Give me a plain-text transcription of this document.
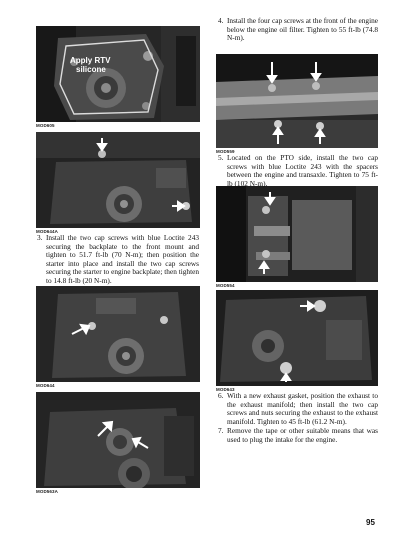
Apply RTV
silicone
MOD605
MOD559
MOD644A
MOD554
MOD644
MOD643
MOD563A
4. Install the four cap screws at the front of the engine below the engine oil filter. Tighten to 55 ft-lb (74.8 N-m).
5. Located on the PTO side, install the two cap screws with blue Loctite 243 with the spacers between the engine and transaxle. Tighten to 75 ft-lb (102 N-m).
3. Install the two cap screws with blue Loctite 243 securing the backplate to the front mount and tighten to 51.7 ft-lb (70 N-m); then position the starter into place and install the two cap screws securing the starter to engine backplate; then tighten to 14.8 ft-lb (20 N-m).
6. With a new exhaust gasket, position the exhaust to the exhaust manifold; then install the two cap screws and nuts securing the exhaust to the exhaust manifold. Tighten to 45 ft-lb (61.2 N-m).
7. Remove the tape or other suitable means that was used to plug the intake for the engine.
95
